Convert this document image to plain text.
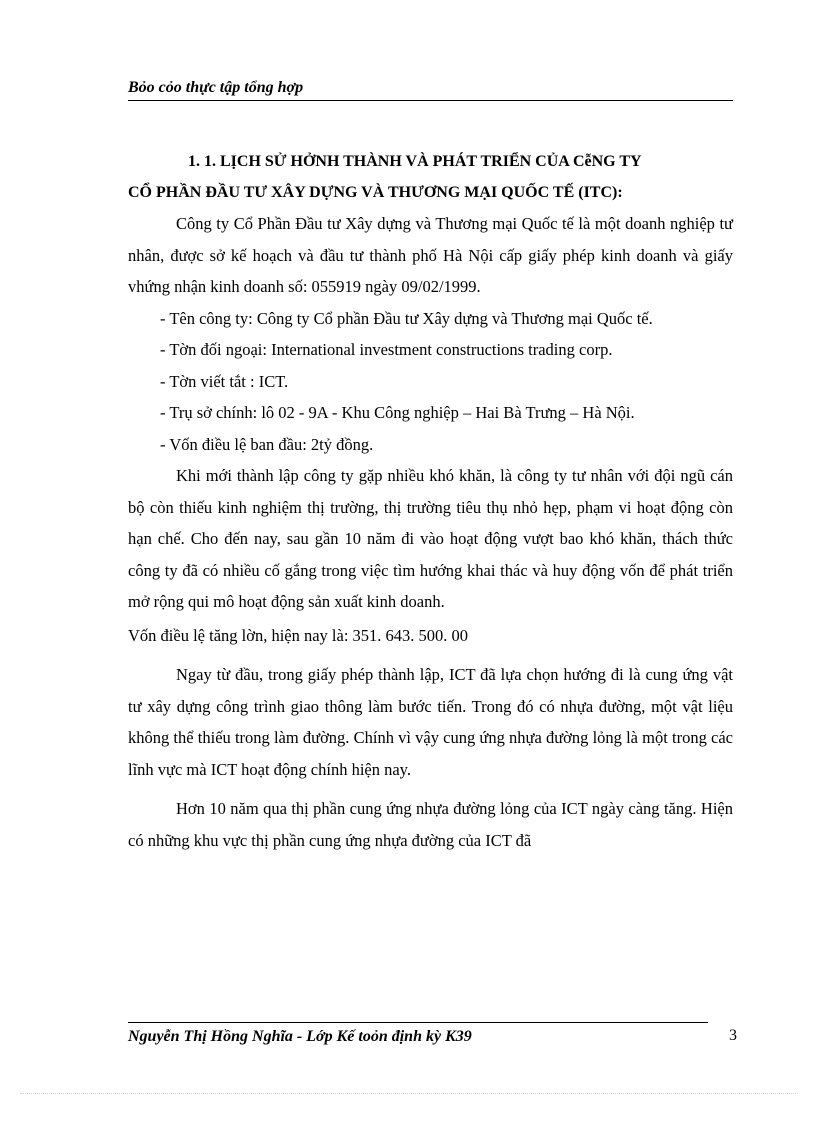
Bỏo cỏo thực tập tổng hợp
1. 1. LỊCH SỬ HỞNH THÀNH VÀ PHÁT TRIỂN CỦA CễNG TY
CỔ PHẦN ĐẦU TƯ XÂY DỰNG VÀ THƯƠNG MẠI QUỐC TẾ (ITC):

Công ty Cổ Phần Đầu tư Xây dựng và Thương mại Quốc tế là một doanh nghiệp tư nhân, được sở kế hoạch và đầu tư thành phố Hà Nội cấp giấy phép kinh doanh và giấy vhứng nhận kinh doanh số: 055919 ngày 09/02/1999.

- Tên công ty: Công ty Cổ phần Đầu tư Xây dựng và Thương mại Quốc tế.

- Tờn đối ngoại: International investment constructions trading corp.

- Tờn viết tắt : ICT.

- Trụ sở chính: lô 02 - 9A - Khu Công nghiệp – Hai Bà Trưng – Hà Nội.

- Vốn điều lệ ban đầu: 2tỷ đồng.

Khi mới thành lập công ty gặp nhiều khó khăn, là công ty tư nhân với đội ngũ cán bộ còn thiếu kinh nghiệm thị trường, thị trường tiêu thụ nhỏ hẹp, phạm vi hoạt động còn hạn chế. Cho đến nay, sau gần 10 năm đi vào hoạt động vượt bao khó khăn, thách thức công ty đã có nhiều cố gắng trong việc tìm hướng khai thác và huy động vốn để phát triển mở rộng qui mô hoạt động sản xuất kinh doanh.

Vốn điều lệ tăng lờn, hiện nay là: 351. 643. 500. 00

Ngay từ đầu, trong giấy phép thành lập, ICT đã lựa chọn hướng đi là cung ứng vật tư xây dựng công trình giao thông làm bước tiến. Trong đó có nhựa đường, một vật liệu không thể thiếu trong làm đường. Chính vì vậy cung ứng nhựa đường lỏng là một trong các lĩnh vực mà ICT hoạt động chính hiện nay.

Hơn 10 năm qua thị phần cung ứng nhựa đường lỏng của ICT ngày càng tăng. Hiện có những khu vực thị phần cung ứng nhựa đường của ICT đã

Nguyễn Thị Hồng Nghĩa - Lớp Kế toỏn định kỳ K39	3
